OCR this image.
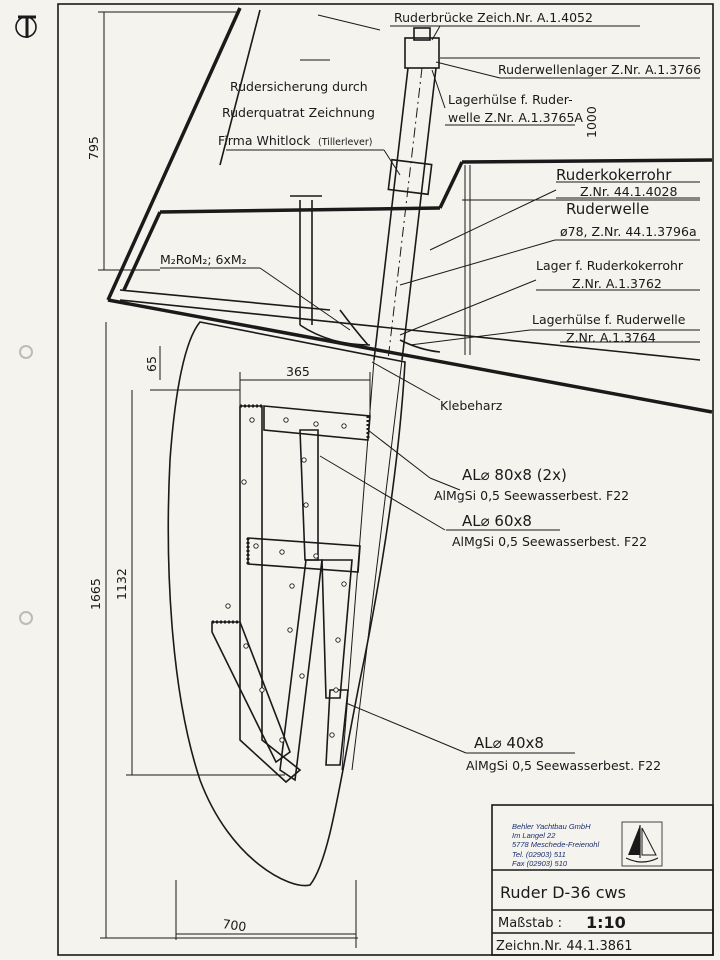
Ruderbrücke Zeich.Nr. A.1.4052
Ruderwellenlager Z.Nr. A.1.3766
Rudersicherung durch
Ruderquatrat Zeichnung
Firma Whitlock (Tillerlever)
Lagerhülse f. Ruder-
welle Z.Nr. A.1.3765A 1000
Ruderkokerrohr
Z.Nr. 44.1.4028
Ruderwelle
ø78, Z.Nr. 44.1.3796a
M₂RoM₂; 6xM₂	Lager f. Ruderkokerrohr
Z.Nr. A.1.3762
Lagerhülse f. Ruderwelle
Z.Nr. A.1.3764
Klebeharz
AL⌀ 80x8 (2x)
AlMgSi 0,5 Seewasserbest. F22
AL⌀ 60x8
AlMgSi 0,5 Seewasserbest. F22
AL⌀ 40x8
AlMgSi 0,5 Seewasserbest. F22
795
65	365
1132
1665
700
Behler Yachtbau GmbH
Im Langel 22
5778 Meschede-Freienohl
Tel. (02903) 511
Fax (02903) 510
Ruder D-36 cws
Maßstab : 1:10
Zeichn.Nr. 44.1.3861
